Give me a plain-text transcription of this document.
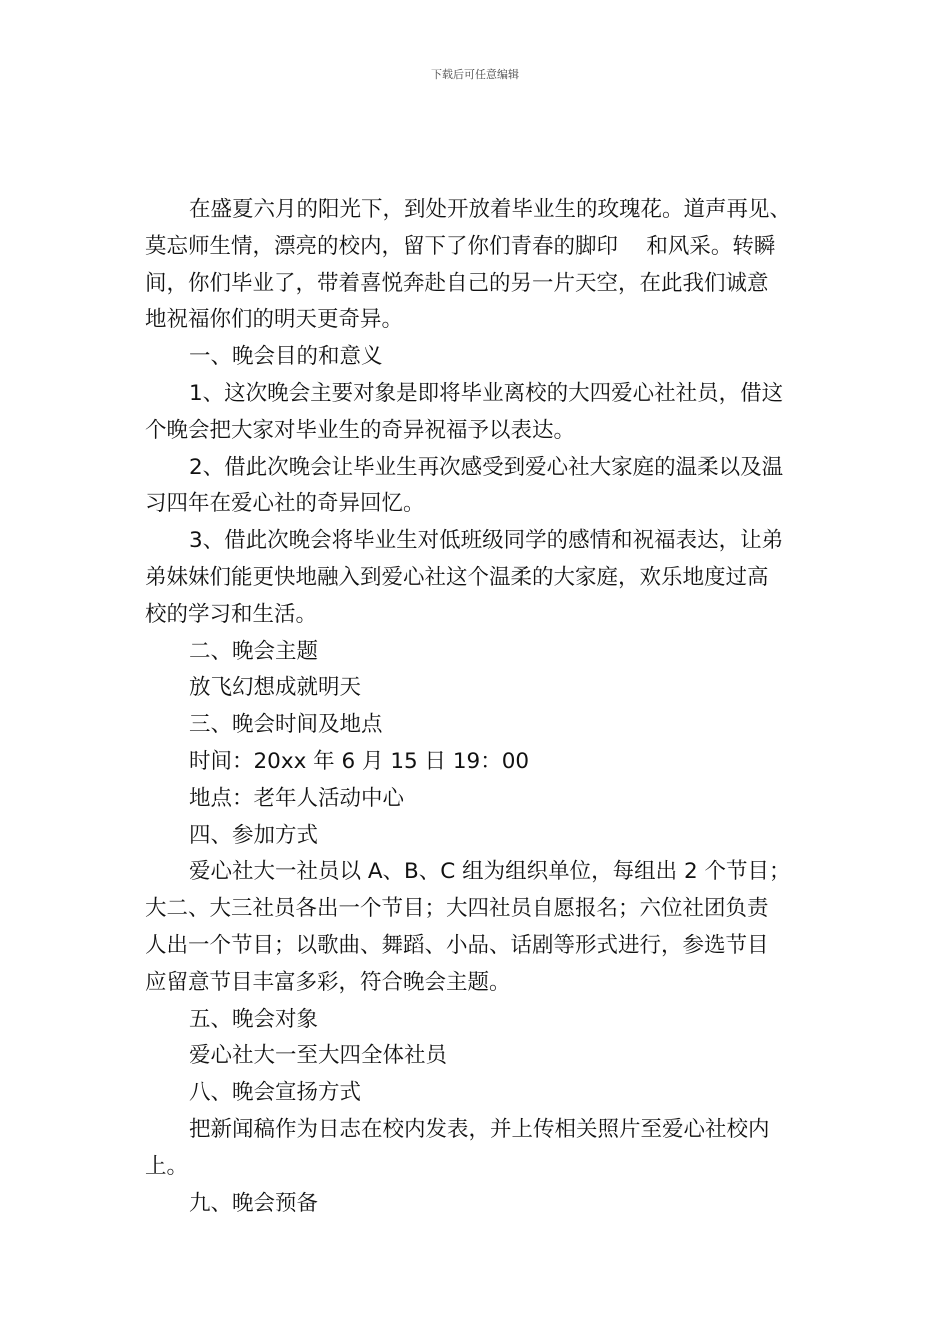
下载后可任意编辑
在盛夏六月的阳光下，到处开放着毕业生的玫瑰花。道声再见、
莫忘师生情，漂亮的校内，留下了你们青春的脚印　 和风采。转瞬
间，你们毕业了，带着喜悦奔赴自己的另一片天空，在此我们诚意
地祝福你们的明天更奇异。
一、晚会目的和意义
1、这次晚会主要对象是即将毕业离校的大四爱心社社员，借这
个晚会把大家对毕业生的奇异祝福予以表达。
2、借此次晚会让毕业生再次感受到爱心社大家庭的温柔以及温
习四年在爱心社的奇异回忆。
3、借此次晚会将毕业生对低班级同学的感情和祝福表达，让弟
弟妹妹们能更快地融入到爱心社这个温柔的大家庭，欢乐地度过高
校的学习和生活。
二、晚会主题
放飞幻想成就明天
三、晚会时间及地点
时间：20xx 年 6 月 15 日 19：00
地点：老年人活动中心
四、参加方式
爱心社大一社员以 A、B、C 组为组织单位，每组出 2 个节目；
大二、大三社员各出一个节目；大四社员自愿报名；六位社团负责
人出一个节目；以歌曲、舞蹈、小品、话剧等形式进行，参选节目
应留意节目丰富多彩，符合晚会主题。
五、晚会对象
爱心社大一至大四全体社员
八、晚会宣扬方式
把新闻稿作为日志在校内发表，并上传相关照片至爱心社校内
上。
九、晚会预备
